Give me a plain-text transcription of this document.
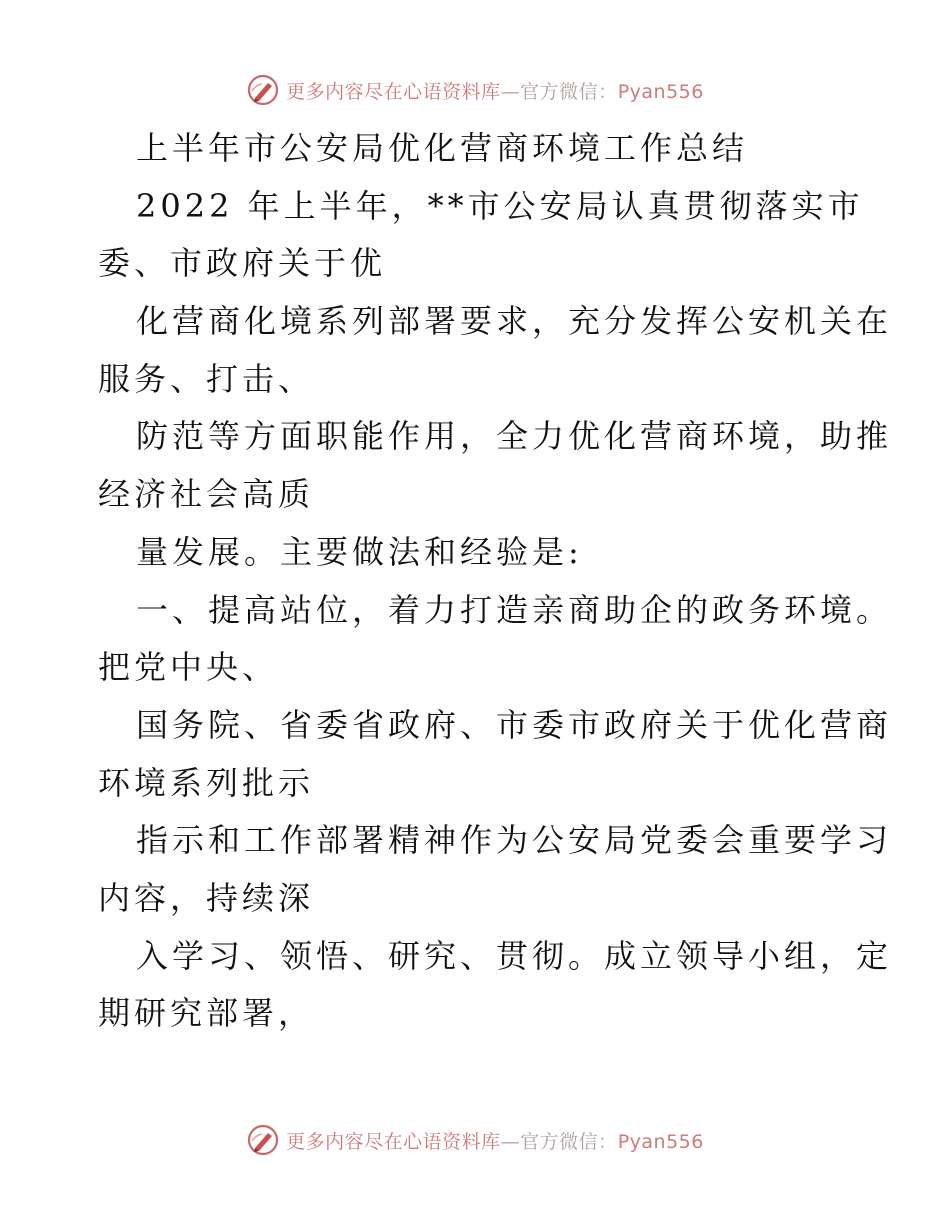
更多内容尽在心语资料库—官方微信：Pyan556
上半年市公安局优化营商环境工作总结
2022 年上半年，**市公安局认真贯彻落实市
委、市政府关于优
化营商化境系列部署要求，充分发挥公安机关在
服务、打击、
防范等方面职能作用，全力优化营商环境，助推
经济社会高质
量发展。主要做法和经验是:
一、提高站位，着力打造亲商助企的政务环境。
把党中央、
国务院、省委省政府、市委市政府关于优化营商
环境系列批示
指示和工作部署精神作为公安局党委会重要学习
内容，持续深
入学习、领悟、研究、贯彻。成立领导小组，定
期研究部署，
更多内容尽在心语资料库—官方微信：Pyan556
